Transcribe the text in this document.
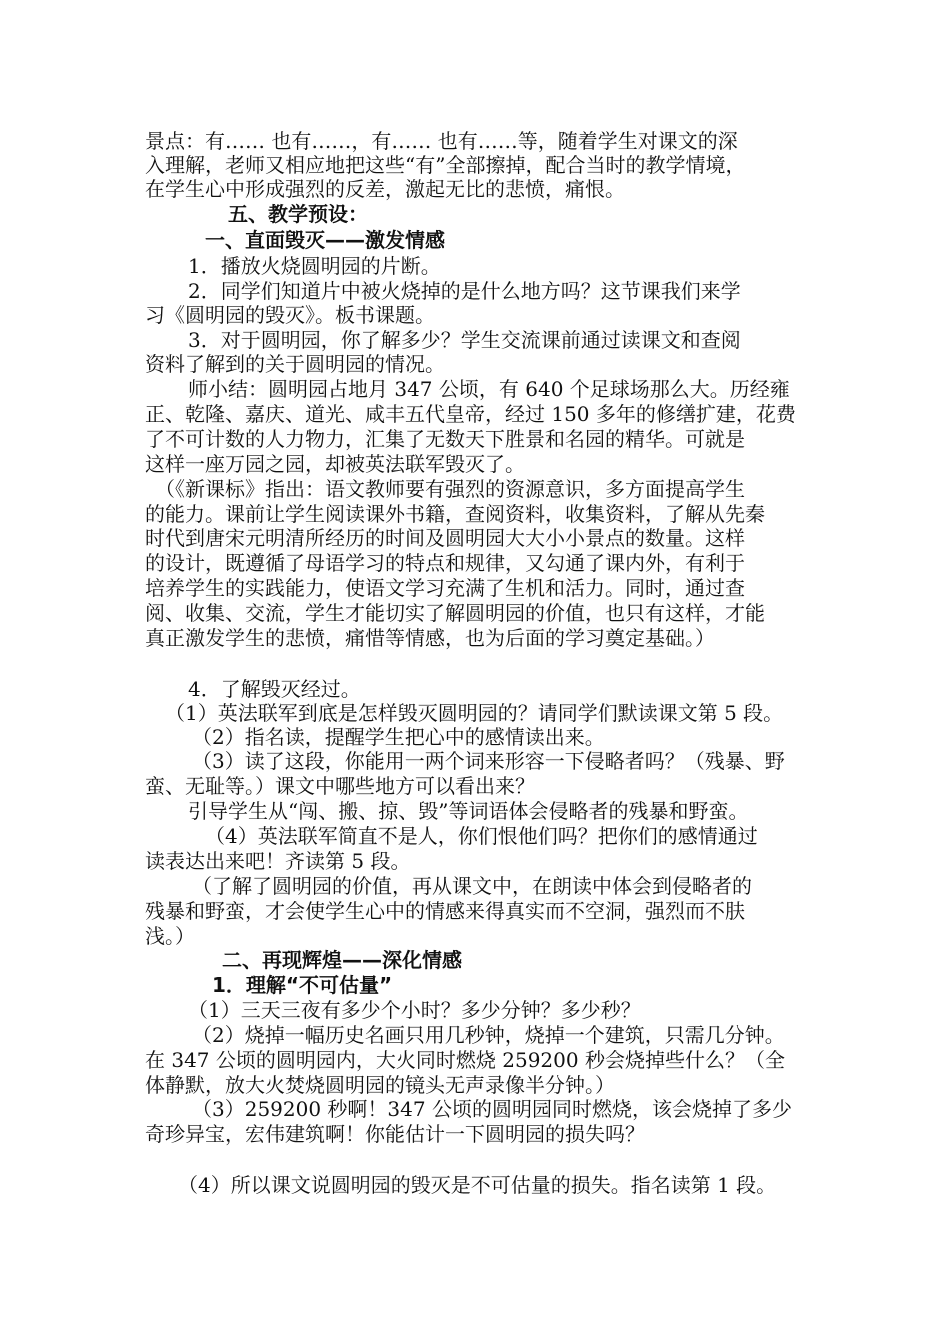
景点：有…… 也有……，有…… 也有……等，随着学生对课文的深
入理解，老师又相应地把这些“有”全部擦掉，配合当时的教学情境，
在学生心中形成强烈的反差，激起无比的悲愤，痛恨。
五、教学预设：
一、直面毁灭——激发情感
1．播放火烧圆明园的片断。
2．同学们知道片中被火烧掉的是什么地方吗？这节课我们来学
习《圆明园的毁灭》。板书课题。
3．对于圆明园，你了解多少？学生交流课前通过读课文和查阅
资料了解到的关于圆明园的情况。
师小结：圆明园占地月 347 公顷，有 640 个足球场那么大。历经雍
正、乾隆、嘉庆、道光、咸丰五代皇帝，经过 150 多年的修缮扩建，花费
了不可计数的人力物力，汇集了无数天下胜景和名园的精华。可就是
这样一座万园之园，却被英法联军毁灭了。
（《新课标》指出：语文教师要有强烈的资源意识，多方面提高学生
的能力。课前让学生阅读课外书籍，查阅资料，收集资料，了解从先秦
时代到唐宋元明清所经历的时间及圆明园大大小小景点的数量。这样
的设计，既遵循了母语学习的特点和规律，又勾通了课内外，有利于
培养学生的实践能力，使语文学习充满了生机和活力。同时，通过查
阅、收集、交流，学生才能切实了解圆明园的价值，也只有这样，才能
真正激发学生的悲愤，痛惜等情感，也为后面的学习奠定基础。）
4．了解毁灭经过。
（1）英法联军到底是怎样毁灭圆明园的？请同学们默读课文第 5 段。
（2）指名读，提醒学生把心中的感情读出来。
（3）读了这段，你能用一两个词来形容一下侵略者吗？（残暴、野
蛮、无耻等。）课文中哪些地方可以看出来？
引导学生从“闯、搬、掠、毁”等词语体会侵略者的残暴和野蛮。
（4）英法联军简直不是人，你们恨他们吗？把你们的感情通过
读表达出来吧！齐读第 5 段。
（了解了圆明园的价值，再从课文中，在朗读中体会到侵略者的
残暴和野蛮，才会使学生心中的情感来得真实而不空洞，强烈而不肤
浅。）
二、再现辉煌——深化情感
1．理解“不可估量”
（1）三天三夜有多少个小时？多少分钟？多少秒？
（2）烧掉一幅历史名画只用几秒钟，烧掉一个建筑，只需几分钟。
在 347 公顷的圆明园内，大火同时燃烧 259200 秒会烧掉些什么？（全
体静默，放大火焚烧圆明园的镜头无声录像半分钟。）
（3）259200 秒啊！347 公顷的圆明园同时燃烧，该会烧掉了多少
奇珍异宝，宏伟建筑啊！你能估计一下圆明园的损失吗？
（4）所以课文说圆明园的毁灭是不可估量的损失。指名读第 1 段。
